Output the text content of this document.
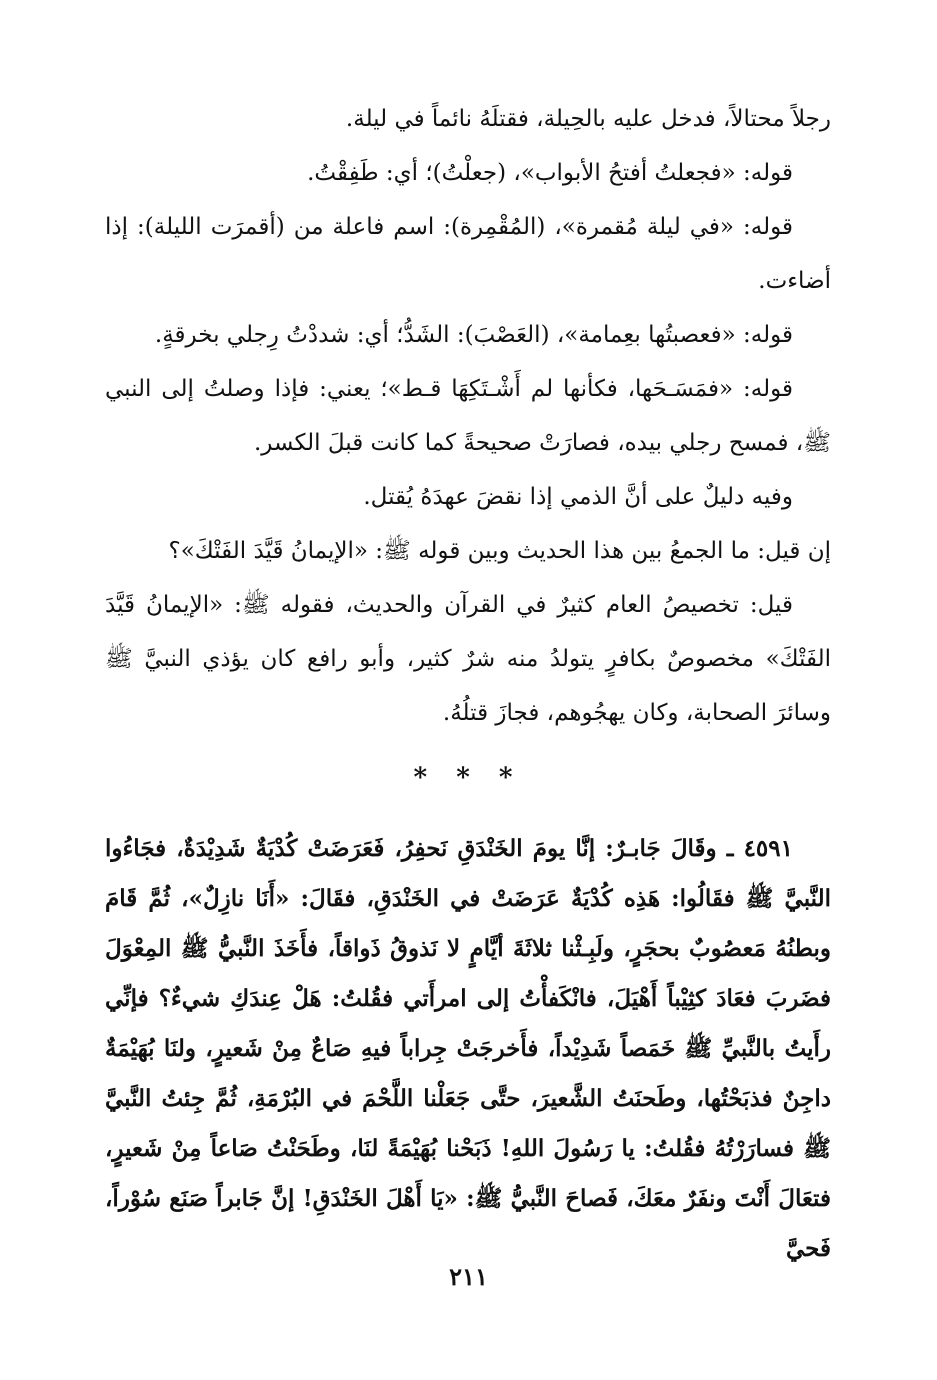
رجلاً محتالاً، فدخل عليه بالحِيلة، فقتلَهُ نائماً في ليلة.

قوله: «فجعلتُ أفتحُ الأبواب»، (جعلْتُ)؛ أي: طَفِقْتُ.

قوله: «في ليلة مُقمرة»، (المُقْمِرة): اسم فاعلة من (أقمرَت الليلة): إذا أضاءت.

قوله: «فعصبتُها بعِمامة»، (العَصْبَ): الشَدُّ؛ أي: شددْتُ رِجلي بخرقةٍ.

قوله: «فمَسَـحَها، فكأنها لم أَشْـتَكِهَا قـط»؛ يعني: فإذا وصلتُ إلى النبي ﷺ، فمسح رجلي بيده، فصارَتْ صحيحةً كما كانت قبلَ الكسر.

وفيه دليلٌ على أنَّ الذمي إذا نقضَ عهدَهُ يُقتل.

إن قيل: ما الجمعُ بين هذا الحديث وبين قوله ﷺ: «الإيمانُ قَيَّدَ الفَتْكَ»؟

قيل: تخصيصُ العام كثيرٌ في القرآن والحديث، فقوله ﷺ: «الإيمانُ قَيَّدَ الفَتْكَ» مخصوصٌ بكافرٍ يتولدُ منه شرٌ كثير، وأبو رافع كان يؤذي النبيَّ ﷺ وسائرَ الصحابة، وكان يهجُوهم، فجازَ قتلُهُ.

* * *

٤٥٩١ ـ وقَالَ جَابـرٌ: إنَّا يومَ الخَنْدَقِ نَحفِرُ، فَعَرَضَتْ كُدْيَةٌ شَدِيْدَةٌ، فجَاءُوا النَّبيَّ ﷺ فقَالُوا: هَذِه كُدْيَةٌ عَرَضَتْ في الخَنْدَقِ، فقَالَ: «أَنَا نازِلٌ»، ثُمَّ قَامَ وبطنُهُ مَعصُوبٌ بحجَرٍ، ولَبِـثْنا ثلاثَةَ أيَّامٍ لا نَذوقُ ذَواقاً، فأَخَذَ النَّبيُّ ﷺ المِعْوَلَ فضَربَ فعَادَ كثِيْباً أَهْيَلَ، فانْكَفأْتُ إلى امرأَتي فقُلتُ: هَلْ عِندَكِ شيءٌ؟ فإنِّي رأَيتُ بالنَّبيِّ ﷺ خَمَصاً شَدِيْداً، فأَخرجَتْ جِراباً فيهِ صَاعٌ مِنْ شَعيرٍ، ولنَا بُهَيْمَةٌ داجِنٌ فذبَحْتُها، وطَحنَتُ الشَّعيرَ، حتَّى جَعَلْنا اللَّحْمَ في البُرْمَةِ، ثُمَّ جِئتُ النَّبيَّ ﷺ فسارَرْتُهُ فقُلتُ: يا رَسُولَ اللهِ! ذَبَحْنا بُهَيْمَةً لنَا، وطَحَنْتُ صَاعاً مِنْ شَعيرٍ، فتعَالَ أَنْتَ ونفَرٌ معَكَ، فَصاحَ النَّبيُّ ﷺ: «يَا أَهْلَ الخَنْدَقِ! إنَّ جَابراً صَنَع سُوْراً، فَحيَّ

٢١١
